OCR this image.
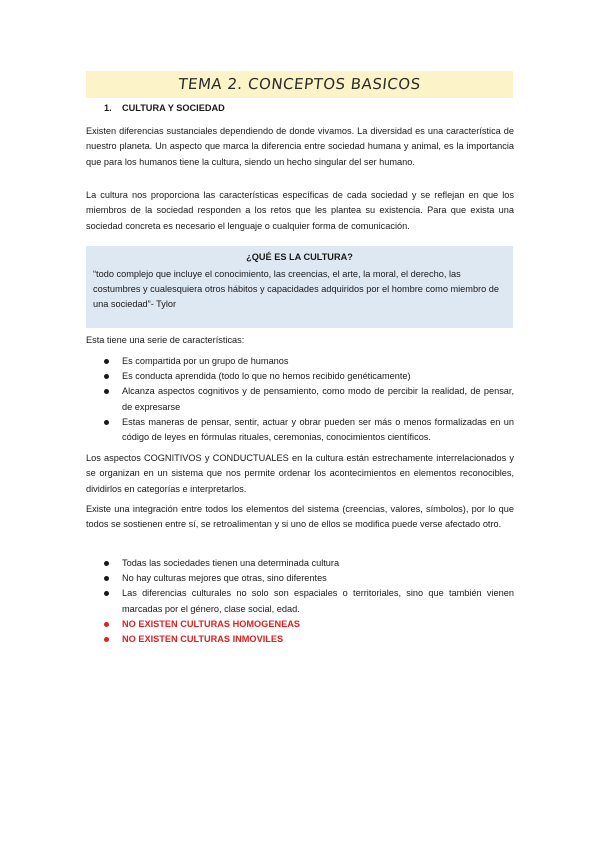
TEMA 2. CONCEPTOS BASICOS
1. CULTURA Y SOCIEDAD
Existen diferencias sustanciales dependiendo de donde vivamos. La diversidad es una característica de nuestro planeta. Un aspecto que marca la diferencia entre sociedad humana y animal, es la importancia que para los humanos tiene la cultura, siendo un hecho singular del ser humano.
La cultura nos proporciona las características específicas de cada sociedad y se reflejan en que los miembros de la sociedad responden a los retos que les plantea su existencia. Para que exista una sociedad concreta es necesario el lenguaje o cualquier forma de comunicación.
¿QUÉ ES LA CULTURA?
“todo complejo que incluye el conocimiento, las creencias, el arte, la moral, el derecho, las costumbres y cualesquiera otros hábitos y capacidades adquiridos por el hombre como miembro de una sociedad”- Tylor
Esta tiene una serie de características:
Es compartida por un grupo de humanos
Es conducta aprendida (todo lo que no hemos recibido genéticamente)
Alcanza aspectos cognitivos y de pensamiento, como modo de percibir la realidad, de pensar, de expresarse
Estas maneras de pensar, sentir, actuar y obrar pueden ser más o menos formalizadas en un código de leyes en fórmulas rituales, ceremonias, conocimientos científicos.
Los aspectos COGNITIVOS y CONDUCTUALES en la cultura están estrechamente interrelacionados y se organizan en un sistema que nos permite ordenar los acontecimientos en elementos reconocibles, dividirlos en categorías e interpretarlos.
Existe una integración entre todos los elementos del sistema (creencias, valores, símbolos), por lo que todos se sostienen entre sí, se retroalimentan y si uno de ellos se modifica puede verse afectado otro.
Todas las sociedades tienen una determinada cultura
No hay culturas mejores que otras, sino diferentes
Las diferencias culturales no solo son espaciales o territoriales, sino que también vienen marcadas por el género, clase social, edad.
NO EXISTEN CULTURAS HOMOGENEAS
NO EXISTEN CULTURAS INMOVILES
